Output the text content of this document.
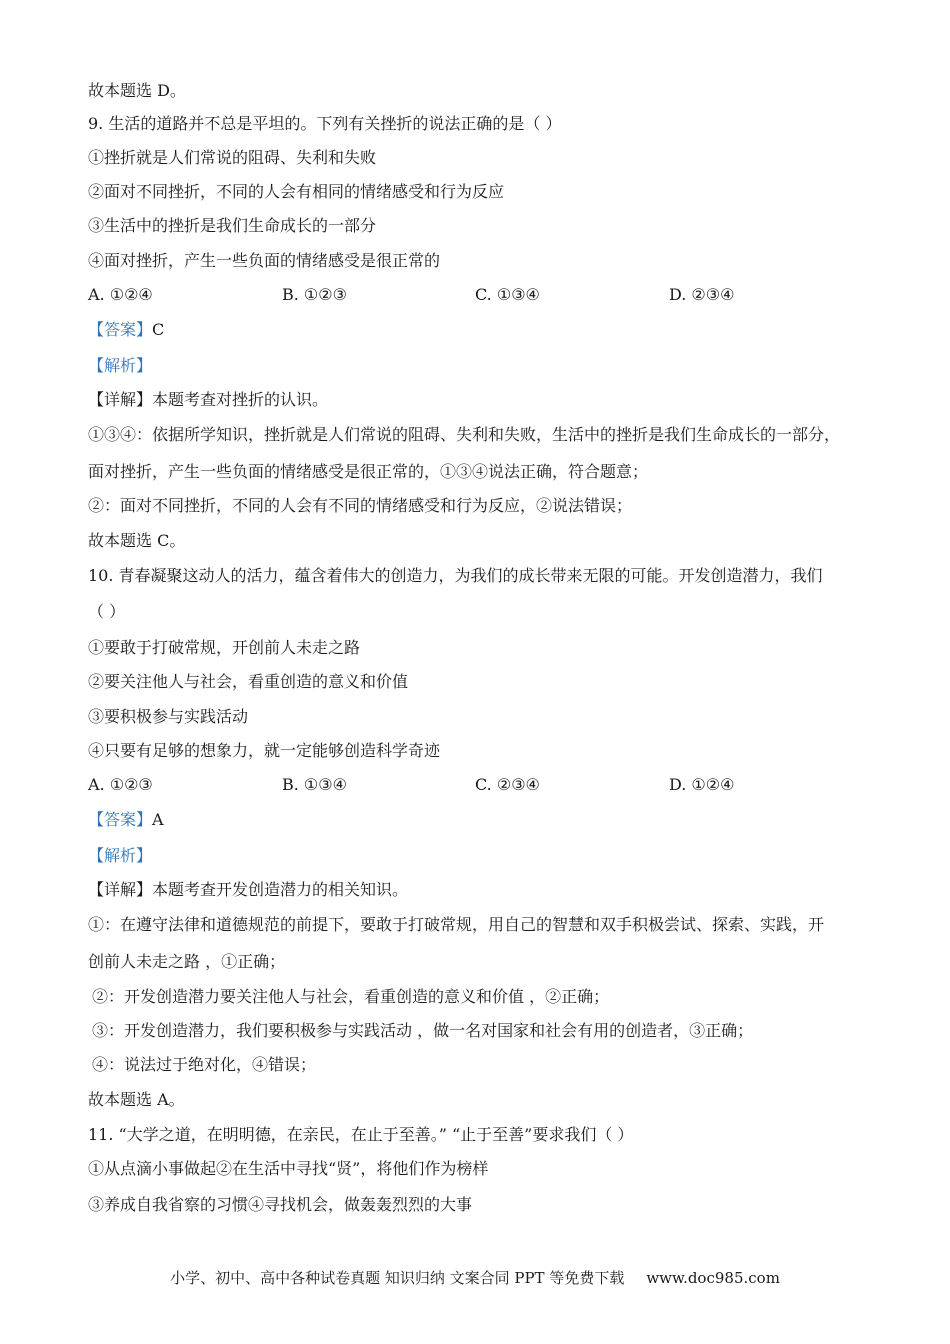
故本题选 D。
9. 生活的道路并不总是平坦的。下列有关挫折的说法正确的是（ ）
①挫折就是人们常说的阻碍、失利和失败
②面对不同挫折，不同的人会有相同的情绪感受和行为反应
③生活中的挫折是我们生命成长的一部分
④面对挫折，产生一些负面的情绪感受是很正常的
A. ①②④	B. ①②③	C. ①③④	D. ②③④
【答案】C
【解析】
【详解】本题考查对挫折的认识。
①③④：依据所学知识，挫折就是人们常说的阻碍、失利和失败，生活中的挫折是我们生命成长的一部分，
面对挫折，产生一些负面的情绪感受是很正常的，①③④说法正确，符合题意；
②：面对不同挫折，不同的人会有不同的情绪感受和行为反应，②说法错误；
故本题选 C。
10. 青春凝聚这动人的活力，蕴含着伟大的创造力，为我们的成长带来无限的可能。开发创造潜力，我们
（ ）
①要敢于打破常规，开创前人未走之路
②要关注他人与社会，看重创造的意义和价值
③要积极参与实践活动
④只要有足够的想象力，就一定能够创造科学奇迹
A. ①②③	B. ①③④	C. ②③④	D. ①②④
【答案】A
【解析】
【详解】本题考查开发创造潜力的相关知识。
①：在遵守法律和道德规范的前提下，要敢于打破常规，用自己的智慧和双手积极尝试、探索、实践，开
创前人未走之路 ，①正确；
②：开发创造潜力要关注他人与社会，看重创造的意义和价值 ，②正确；
③：开发创造潜力，我们要积极参与实践活动 ，做一名对国家和社会有用的创造者，③正确；
④：说法过于绝对化，④错误；
故本题选 A。
11. “大学之道，在明明德，在亲民，在止于至善。” “止于至善”要求我们（ ）
①从点滴小事做起②在生活中寻找“贤”，将他们作为榜样
③养成自我省察的习惯④寻找机会，做轰轰烈烈的大事
小学、初中、高中各种试卷真题 知识归纳 文案合同 PPT 等免费下载 www.doc985.com
